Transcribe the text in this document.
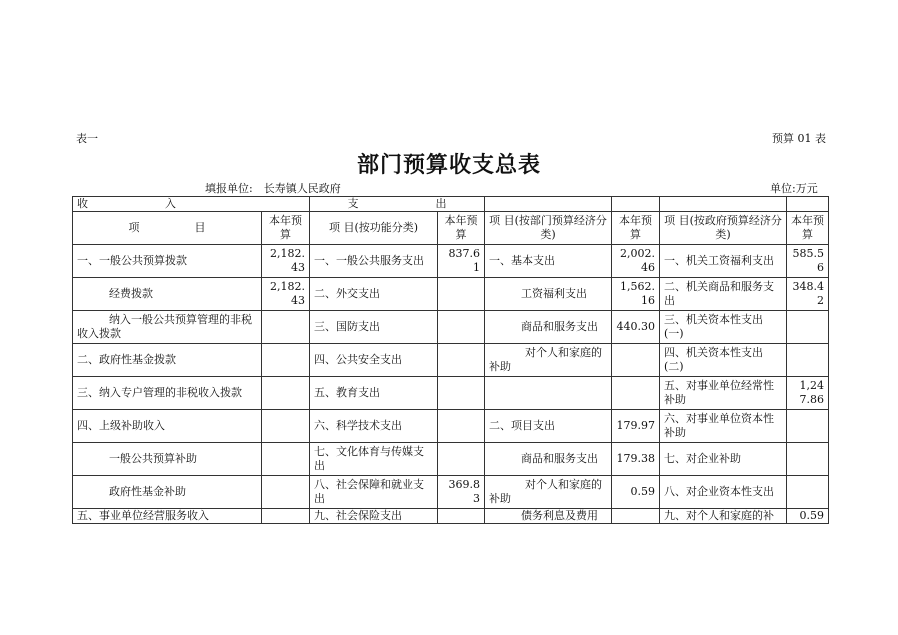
表一	预算 01 表
部门预算收支总表
填报单位:　长寿镇人民政府	单位:万元
收　　　　　　　入		支　　　　　　　出					
项　　　　　目	本年预算	项 目(按功能分类)	本年预算	项 目(按部门预算经济分类)	本年预算	项 目(按政府预算经济分类)	本年预算
一、一般公共预算拨款	2,182.43	一、一般公共服务支出	837.61	一、基本支出	2,002.46	一、机关工资福利支出	585.56
经费拨款	2,182.43	二、外交支出		工资福利支出	1,562.16	二、机关商品和服务支出	348.42
纳入一般公共预算管理的非税收入拨款		三、国防支出		商品和服务支出	440.30	三、机关资本性支出(一)	
二、政府性基金拨款		四、公共安全支出		对个人和家庭的补助		四、机关资本性支出(二)	
三、纳入专户管理的非税收入拨款		五、教育支出				五、对事业单位经常性补助	1,247.86
四、上级补助收入		六、科学技术支出		二、项目支出	179.97	六、对事业单位资本性补助	
一般公共预算补助		七、文化体育与传媒支出		商品和服务支出	179.38	七、对企业补助	
政府性基金补助		八、社会保障和就业支出	369.83	对个人和家庭的补助	0.59	八、对企业资本性支出	
五、事业单位经营服务收入		九、社会保险支出		债务利息及费用		九、对个人和家庭的补	0.59
